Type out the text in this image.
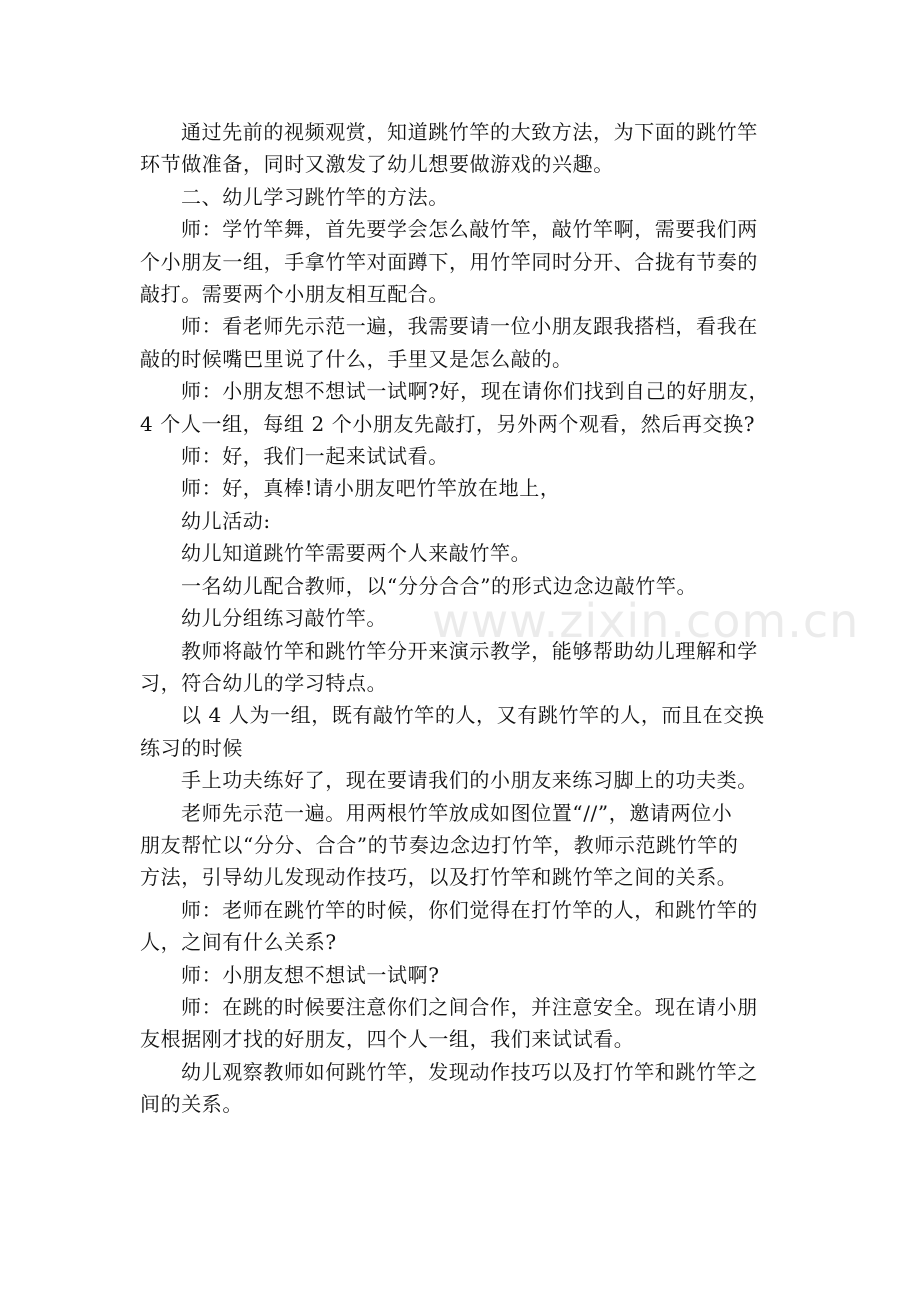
www.zixin.com.cn
通过先前的视频观赏，知道跳竹竿的大致方法，为下面的跳竹竿
环节做准备，同时又激发了幼儿想要做游戏的兴趣。
二、幼儿学习跳竹竿的方法。
师：学竹竿舞，首先要学会怎么敲竹竿，敲竹竿啊，需要我们两
个小朋友一组，手拿竹竿对面蹲下，用竹竿同时分开、合拢有节奏的
敲打。需要两个小朋友相互配合。
师：看老师先示范一遍，我需要请一位小朋友跟我搭档，看我在
敲的时候嘴巴里说了什么，手里又是怎么敲的。
师：小朋友想不想试一试啊?好，现在请你们找到自己的好朋友，
4 个人一组，每组 2 个小朋友先敲打，另外两个观看，然后再交换?
师：好，我们一起来试试看。
师：好，真棒!请小朋友吧竹竿放在地上，
幼儿活动:
幼儿知道跳竹竿需要两个人来敲竹竿。
一名幼儿配合教师，以“分分合合”的形式边念边敲竹竿。
幼儿分组练习敲竹竿。
教师将敲竹竿和跳竹竿分开来演示教学，能够帮助幼儿理解和学
习，符合幼儿的学习特点。
以 4 人为一组，既有敲竹竿的人，又有跳竹竿的人，而且在交换
练习的时候
手上功夫练好了，现在要请我们的小朋友来练习脚上的功夫类。
老师先示范一遍。用两根竹竿放成如图位置“//”，邀请两位小
朋友帮忙以“分分、合合”的节奏边念边打竹竿，教师示范跳竹竿的
方法，引导幼儿发现动作技巧，以及打竹竿和跳竹竿之间的关系。
师：老师在跳竹竿的时候，你们觉得在打竹竿的人，和跳竹竿的
人，之间有什么关系?
师：小朋友想不想试一试啊?
师：在跳的时候要注意你们之间合作，并注意安全。现在请小朋
友根据刚才找的好朋友，四个人一组，我们来试试看。
幼儿观察教师如何跳竹竿，发现动作技巧以及打竹竿和跳竹竿之
间的关系。
